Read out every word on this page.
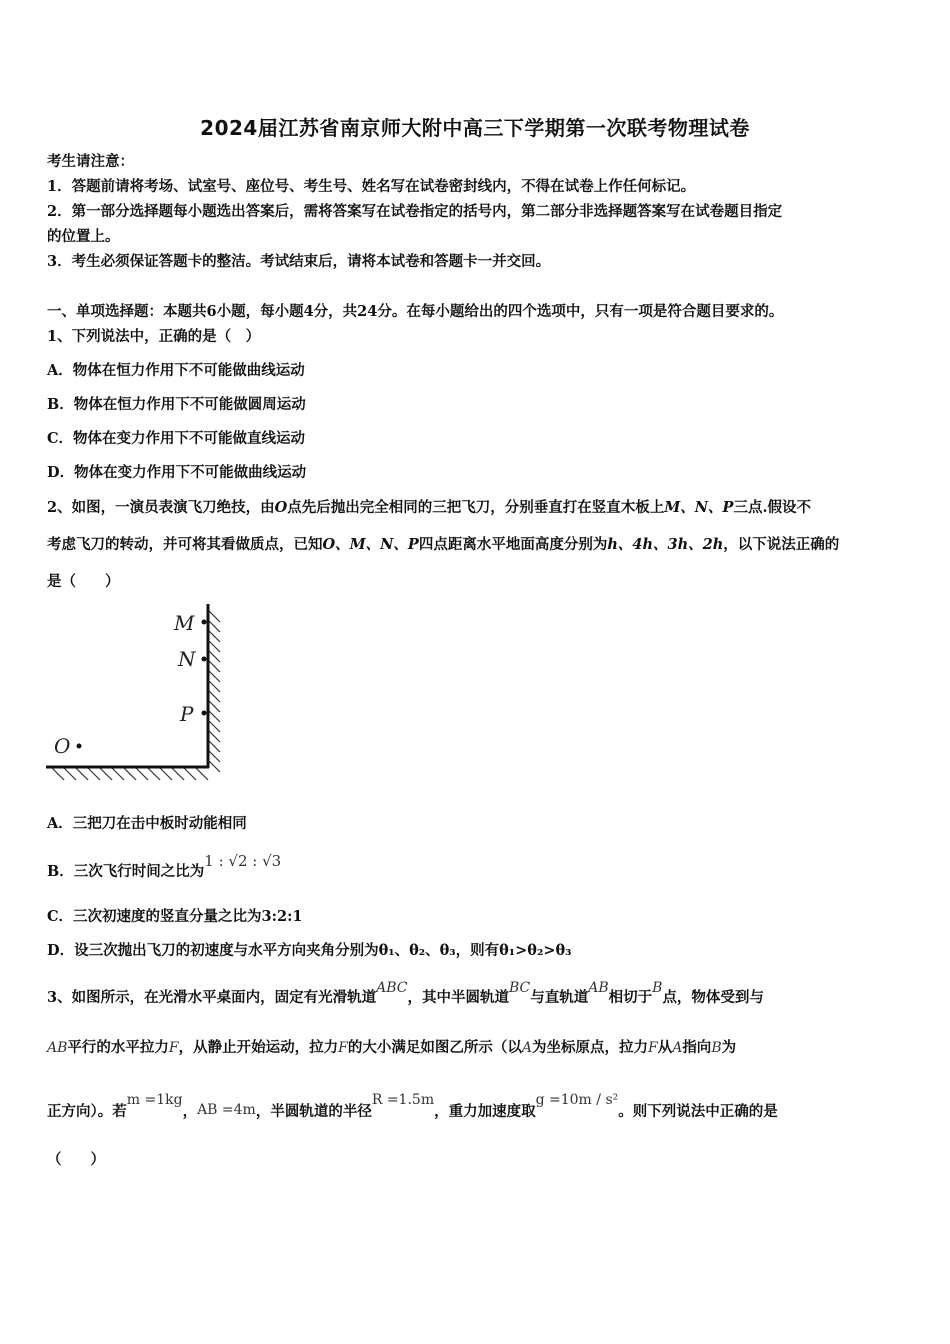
2024届江苏省南京师大附中高三下学期第一次联考物理试卷
考生请注意：
1．答题前请将考场、试室号、座位号、考生号、姓名写在试卷密封线内，不得在试卷上作任何标记。
2．第一部分选择题每小题选出答案后，需将答案写在试卷指定的括号内，第二部分非选择题答案写在试卷题目指定
的位置上。
3．考生必须保证答题卡的整洁。考试结束后，请将本试卷和答题卡一并交回。
一、单项选择题：本题共6小题，每小题4分，共24分。在每小题给出的四个选项中，只有一项是符合题目要求的。
1、下列说法中，正确的是（　）
A．物体在恒力作用下不可能做曲线运动
B．物体在恒力作用下不可能做圆周运动
C．物体在变力作用下不可能做直线运动
D．物体在变力作用下不可能做曲线运动
2、如图，一演员表演飞刀绝技，由O点先后抛出完全相同的三把飞刀，分别垂直打在竖直木板上M、N、P三点.假设不
考虑飞刀的转动，并可将其看做质点，已知O、M、N、P四点距离水平地面高度分别为h、4h、3h、2h，以下说法正确的
是（　　）
M
N
P
O
A．三把刀在击中板时动能相同
B．三次飞行时间之比为1 : √2 : √3
C．三次初速度的竖直分量之比为3:2:1
D．设三次抛出飞刀的初速度与水平方向夹角分别为θ₁、θ₂、θ₃，则有θ₁>θ₂>θ₃
3、如图所示，在光滑水平桌面内，固定有光滑轨道ABC，其中半圆轨道BC与直轨道AB相切于B点，物体受到与
AB平行的水平拉力F，从静止开始运动，拉力F的大小满足如图乙所示（以A为坐标原点，拉力F从A指向B为
正方向）。若m =1kg，AB =4m，半圆轨道的半径R =1.5m，重力加速度取g =10m / s²。则下列说法中正确的是
（　　）
